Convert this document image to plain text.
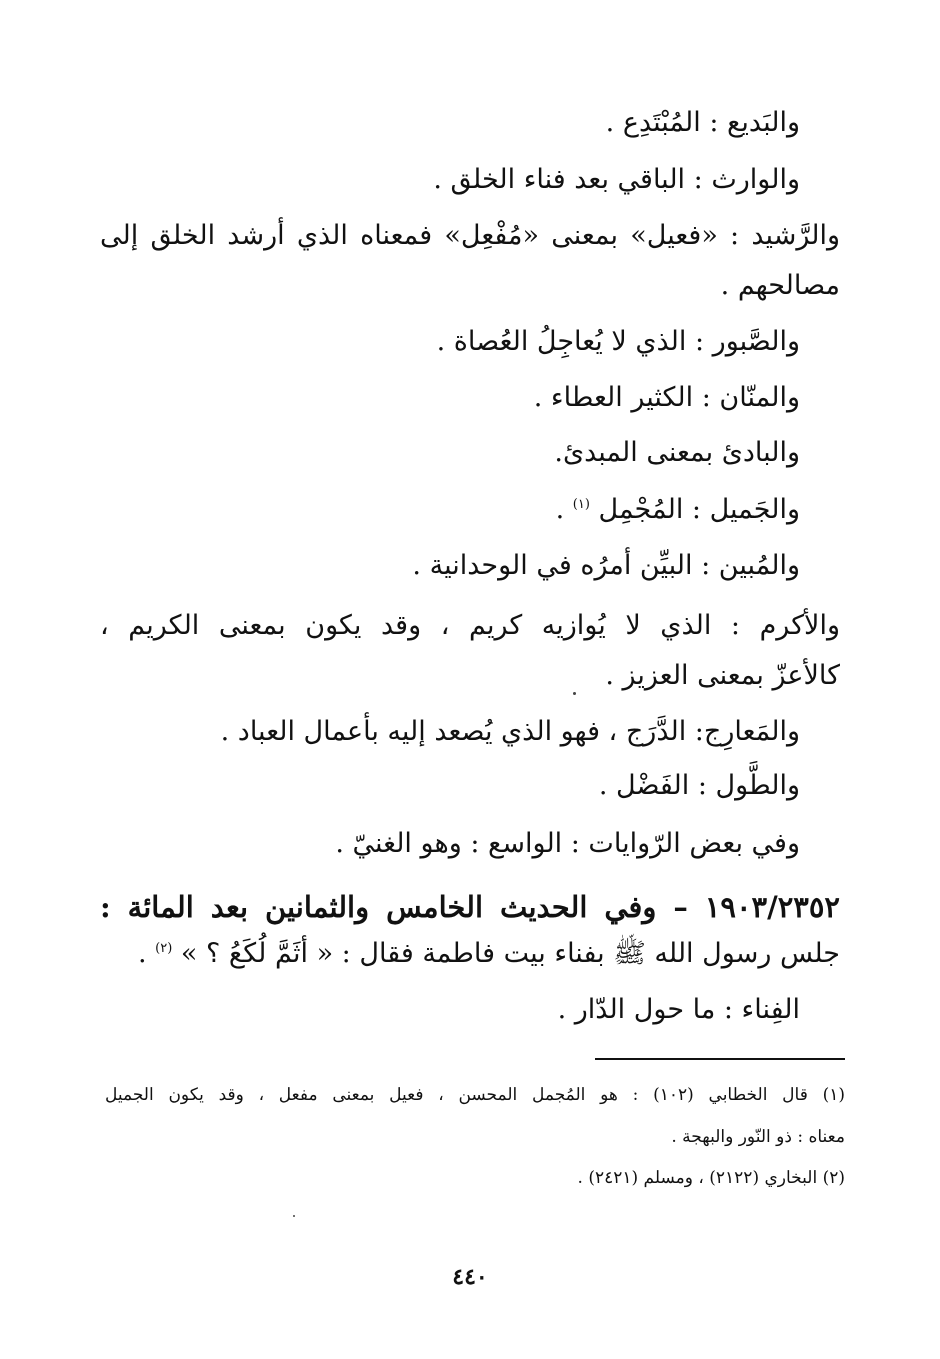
والبَديع : المُبْتَدِع .
والوارث : الباقي بعد فناء الخلق .
والرَّشيد : «فعيل» بمعنى «مُفْعِل» فمعناه الذي أرشد الخلق إلى
مصالحهم .
والصَّبور : الذي لا يُعاجِلُ العُصاة .
والمنّان : الكثير العطاء .
والبادئ بمعنى المبدئ.
والجَميل : المُجْمِل $^{(١)}$ .
والمُبين : البيِّن أمرُه في الوحدانية .
والأكرم : الذي لا يُوازيه كريم ، وقد يكون بمعنى الكريم ،
كالأعزّ بمعنى العزيز .
والمَعارِج: الدَّرَج ، فهو الذي يُصعد إليه بأعمال العباد .
والطَّول : الفَضْل .
وفي بعض الرّوايات : الواسع : وهو الغنيّ .
١٩٠٣/٢٣٥٢ – وفي الحديث الخامس والثمانين بعد المائة :
جلس رسول الله ﷺ بفناء بيت فاطمة فقال : « أثَمَّ لُكَعُ ؟ » $^{(٢)}$ .
الفِناء : ما حول الدّار .
(١) قال الخطابي (١٠٢) : هو المُجمل المحسن ، فعيل بمعنى مفعل ، وقد يكون الجميل
معناه : ذو النّور والبهجة .
(٢) البخاري (٢١٢٢) ، ومسلم (٢٤٢١) .
٤٤٠
